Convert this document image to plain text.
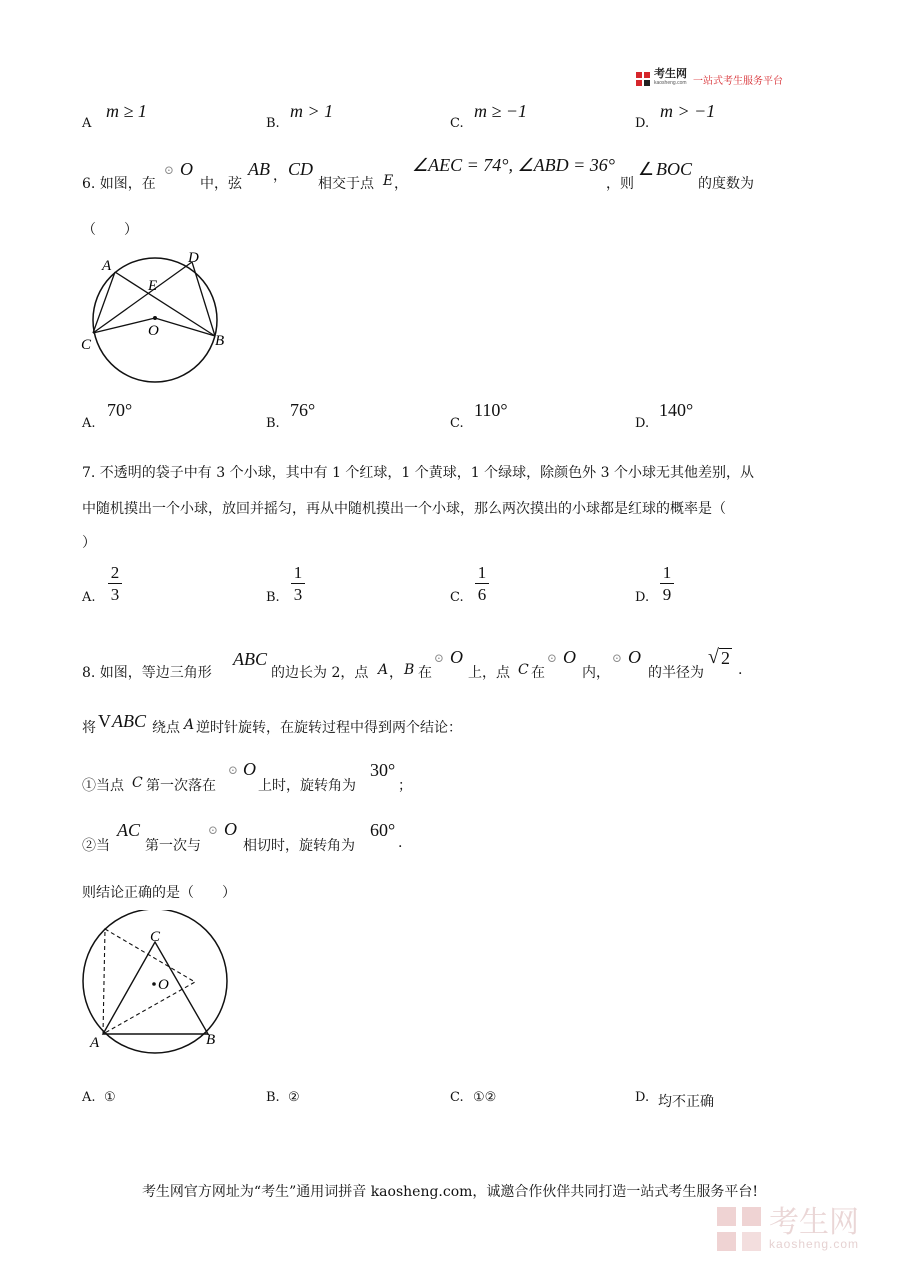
考生网
kaosheng.com 一站式考生服务平台
A
m ≥ 1
B.
m > 1
C.
m ≥ −1
D.
m > −1
6. 如图，在
⊙ O
中，弦
AB ， CD
相交于点 E ，
∠AEC = 74°, ∠ABD = 36°
，则
∠ BOC
的度数为
（　　）
A	D
E
O
C	B
A.
70°
B.
76°
C.
110°
D.
140°
7. 不透明的袋子中有 3 个小球，其中有 1 个红球，1 个黄球，1 个绿球，除颜色外 3 个小球无其他差别，从
中随机摸出一个小球，放回并摇匀，再从中随机摸出一个小球，那么两次摸出的小球都是红球的概率是（
）
A.
2
3	B.
1
3	C.
1
6	D.
1
9
8. 如图，等边三角形
ABC
的边长为 2，点 A ， B 在
⊙ O
上，点 C 在
⊙ O
内，
⊙ O
的半径为
√ 2
.
将 V ABC 绕点 A 逆时针旋转，在旋转过程中得到两个结论：
①当点 C 第一次落在
⊙ O
上时，旋转角为
30°
；
②当
AC
第一次与
⊙ O
相切时，旋转角为
60°
.
则结论正确的是（　　）
C
O
A	B
A. ①	B. ②	C. ①②	D. 均不正确
考生网官方网址为“考生”通用词拼音 kaosheng.com，诚邀合作伙伴共同打造一站式考生服务平台!
考生网
kaosheng.com
